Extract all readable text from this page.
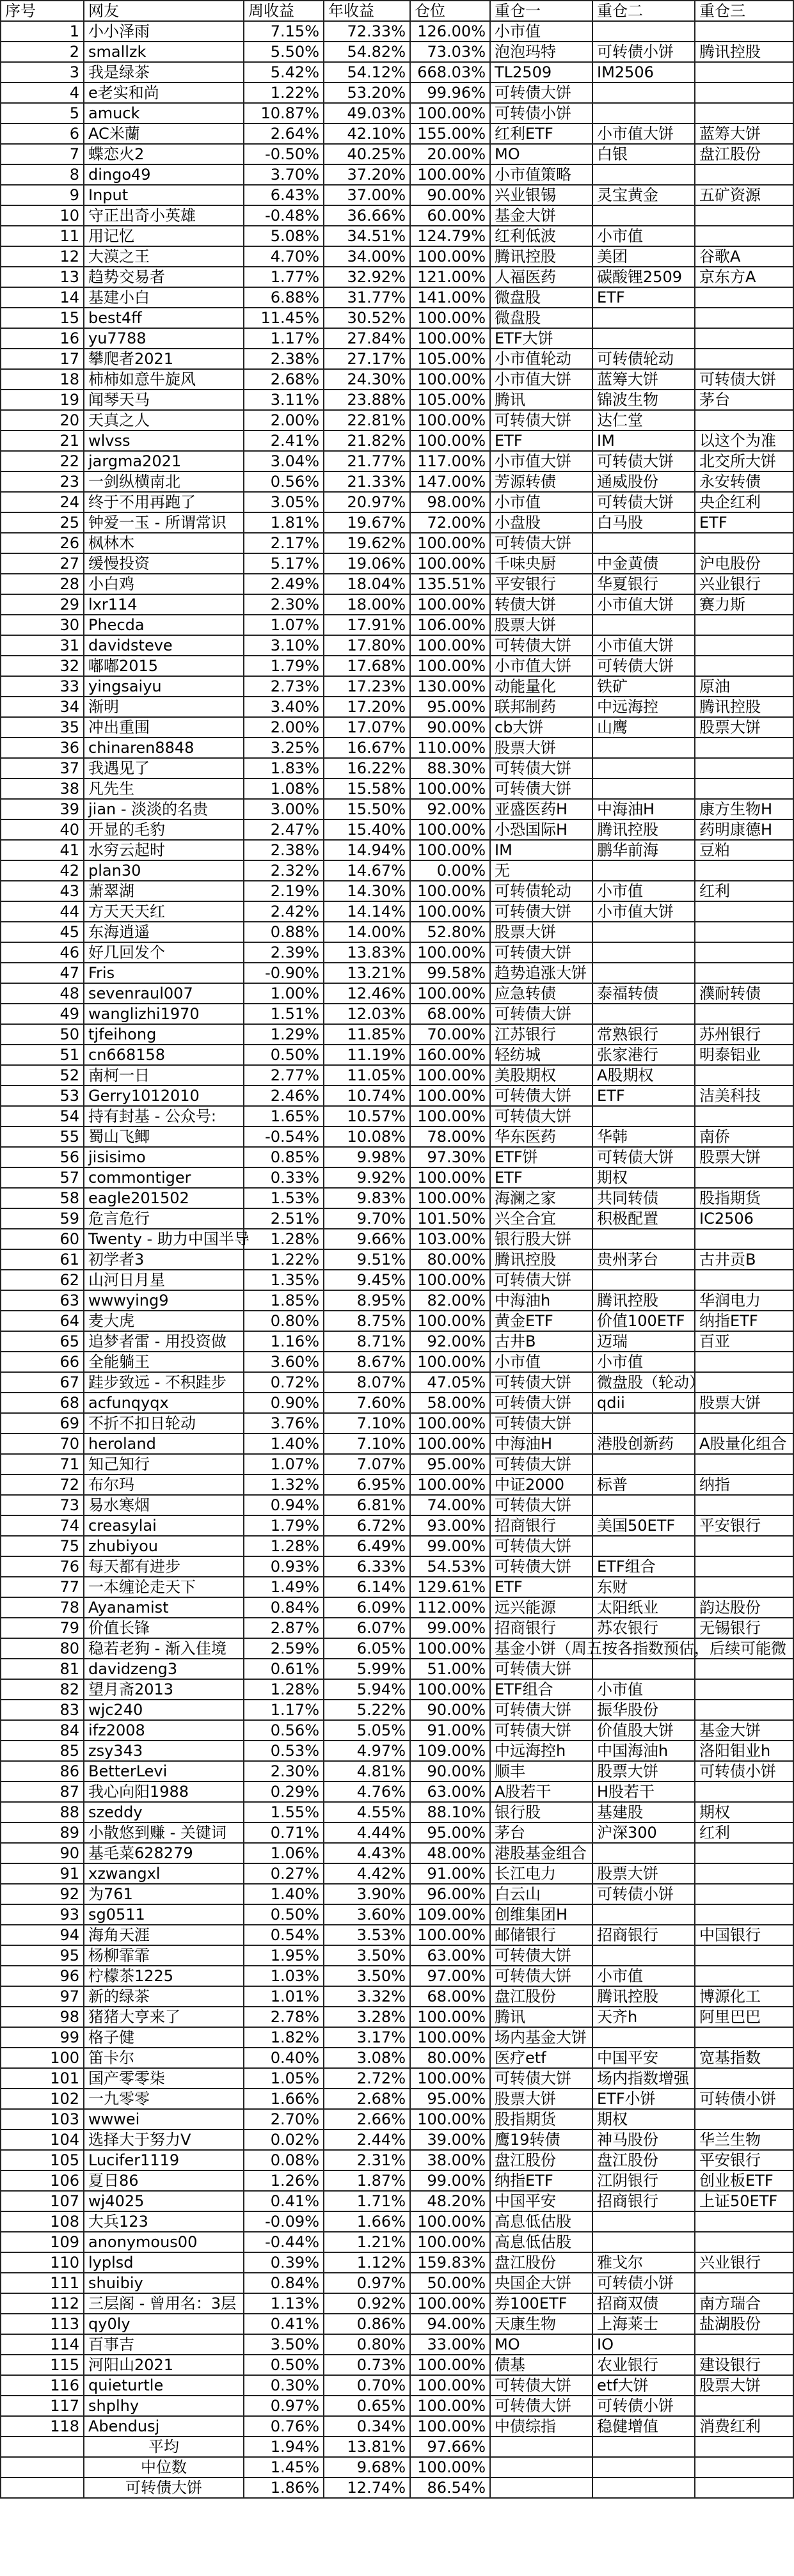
序号	网友	周收益	年收益	仓位	重仓一	重仓二	重仓三
1	小小泽雨	7.15%	72.33%	126.00%	小市值		
2	smallzk	5.50%	54.82%	73.03%	泡泡玛特	可转债小饼	腾讯控股
3	我是绿茶	5.42%	54.12%	668.03%	TL2509	IM2506	
4	e老实和尚	1.22%	53.20%	99.96%	可转债大饼		
5	amuck	10.87%	49.03%	100.00%	可转债小饼		
6	AC米蘭	2.64%	42.10%	155.00%	红利ETF	小市值大饼	蓝筹大饼
7	蝶恋火2	-0.50%	40.25%	20.00%	MO	白银	盘江股份
8	dingo49	3.70%	37.20%	100.00%	小市值策略		
9	Input	6.43%	37.00%	90.00%	兴业银锡	灵宝黄金	五矿资源
10	守正出奇小英雄	-0.48%	36.66%	60.00%	基金大饼		
11	用记忆	5.08%	34.51%	124.79%	红利低波	小市值	
12	大漠之王	4.70%	34.00%	100.00%	腾讯控股	美团	谷歌A
13	趋势交易者	1.77%	32.92%	121.00%	人福医药	碳酸锂2509	京东方A
14	基建小白	6.88%	31.77%	141.00%	微盘股	ETF	
15	best4ff	11.45%	30.52%	100.00%	微盘股		
16	yu7788	1.17%	27.84%	100.00%	ETF大饼		
17	攀爬者2021	2.38%	27.17%	105.00%	小市值轮动	可转债轮动	
18	柿柿如意牛旋风	2.68%	24.30%	100.00%	小市值大饼	蓝筹大饼	可转债大饼
19	闻琴天马	3.11%	23.88%	105.00%	腾讯	锦波生物	茅台
20	天真之人	2.00%	22.81%	100.00%	可转债大饼	达仁堂	
21	wlvss	2.41%	21.82%	100.00%	ETF	IM	以这个为准
22	jargma2021	3.04%	21.77%	117.00%	小市值大饼	可转债大饼	北交所大饼
23	一剑纵横南北	0.56%	21.33%	147.00%	芳源转债	通威股份	永安转债
24	终于不用再跑了	3.05%	20.97%	98.00%	小市值	可转债大饼	央企红利
25	钟爱一玉 - 所谓常识	1.81%	19.67%	72.00%	小盘股	白马股	ETF
26	枫林木	2.17%	19.62%	100.00%	可转债大饼		
27	缓慢投资	5.17%	19.06%	100.00%	千味央厨	中金黄债	沪电股份
28	小白鸡	2.49%	18.04%	135.51%	平安银行	华夏银行	兴业银行
29	lxr114	2.30%	18.00%	100.00%	转债大饼	小市值大饼	赛力斯
30	Phecda	1.07%	17.91%	106.00%	股票大饼		
31	davidsteve	3.10%	17.80%	100.00%	可转债大饼	小市值大饼	
32	嘟嘟2015	1.79%	17.68%	100.00%	小市值大饼	可转债大饼	
33	yingsaiyu	2.73%	17.23%	130.00%	动能量化	铁矿	原油
34	渐明	3.40%	17.20%	95.00%	联邦制药	中远海控	腾讯控股
35	冲出重围	2.00%	17.07%	90.00%	cb大饼	山鹰	股票大饼
36	chinaren8848	3.25%	16.67%	110.00%	股票大饼		
37	我遇见了	1.83%	16.22%	88.30%	可转债大饼		
38	凡先生	1.08%	15.58%	100.00%	可转债大饼		
39	jian - 淡淡的名贵	3.00%	15.50%	92.00%	亚盛医药H	中海油H	康方生物H
40	开显的毛豹	2.47%	15.40%	100.00%	小恐国际H	腾讯控股	药明康德H
41	水穷云起时	2.38%	14.94%	100.00%	IM	鹏华前海	豆粕
42	plan30	2.32%	14.67%	0.00%	无		
43	萧翠湖	2.19%	14.30%	100.00%	可转债轮动	小市值	红利
44	方天天天红	2.42%	14.14%	100.00%	可转债大饼	小市值大饼	
45	东海逍遥	0.88%	14.00%	52.80%	股票大饼		
46	好几回发个	2.39%	13.83%	100.00%	可转债大饼		
47	Fris	-0.90%	13.21%	99.58%	趋势追涨大饼		
48	sevenraul007	1.00%	12.46%	100.00%	应急转债	泰福转债	濮耐转债
49	wanglizhi1970	1.51%	12.03%	68.00%	可转债大饼		
50	tjfeihong	1.29%	11.85%	70.00%	江苏银行	常熟银行	苏州银行
51	cn668158	0.50%	11.19%	160.00%	轻纺城	张家港行	明泰铝业
52	南柯一日	2.77%	11.05%	100.00%	美股期权	A股期权	
53	Gerry1012010	2.46%	10.74%	100.00%	可转债大饼	ETF	洁美科技
54	持有封基 - 公众号:	1.65%	10.57%	100.00%	可转债大饼		
55	蜀山飞鲫	-0.54%	10.08%	78.00%	华东医药	华韩	南侨
56	jisisimo	0.85%	9.98%	97.30%	ETF饼	可转债大饼	股票大饼
57	commontiger	0.33%	9.92%	100.00%	ETF	期权	
58	eagle201502	1.53%	9.83%	100.00%	海澜之家	共同转债	股指期货
59	危言危行	2.51%	9.70%	101.50%	兴全合宜	积极配置	IC2506
60	Twenty - 助力中国半导	1.28%	9.66%	103.00%	银行股大饼		
61	初学者3	1.22%	9.51%	80.00%	腾讯控股	贵州茅台	古井贡B
62	山河日月星	1.35%	9.45%	100.00%	可转债大饼		
63	wwwying9	1.85%	8.95%	82.00%	中海油h	腾讯控股	华润电力
64	麦大虎	0.80%	8.75%	100.00%	黄金ETF	价值100ETF	纳指ETF
65	追梦者雷 - 用投资做	1.16%	8.71%	92.00%	古井B	迈瑞	百亚
66	全能躺王	3.60%	8.67%	100.00%	小市值	小市值	
67	跬步致远 - 不积跬步	0.72%	8.07%	47.05%	可转债大饼	微盘股（轮动）	
68	acfunqyqx	0.90%	7.60%	58.00%	可转债大饼	qdii	股票大饼
69	不折不扣日轮动	3.76%	7.10%	100.00%	可转债大饼		
70	heroland	1.40%	7.10%	100.00%	中海油H	港股创新药	A股量化组合
71	知己知行	1.07%	7.07%	95.00%	可转债大饼		
72	布尔玛	1.32%	6.95%	100.00%	中证2000	标普	纳指
73	易水寒烟	0.94%	6.81%	74.00%	可转债大饼		
74	creasylai	1.79%	6.72%	93.00%	招商银行	美国50ETF	平安银行
75	zhubiyou	1.28%	6.49%	99.00%	可转债大饼		
76	每天都有进步	0.93%	6.33%	54.53%	可转债大饼	ETF组合	
77	一本缠论走天下	1.49%	6.14%	129.61%	ETF	东财	
78	Ayanamist	0.84%	6.09%	112.00%	远兴能源	太阳纸业	韵达股份
79	价值长锋	2.87%	6.07%	99.00%	招商银行	苏农银行	无锡银行
80	稳若老狗 - 渐入佳境	2.59%	6.05%	100.00%	基金小饼（周五按各指数预估，后续可能微		
81	davidzeng3	0.61%	5.99%	51.00%	可转债大饼		
82	望月斋2013	1.28%	5.94%	100.00%	ETF组合	小市值	
83	wjc240	1.17%	5.22%	90.00%	可转债大饼	振华股份	
84	ifz2008	0.56%	5.05%	91.00%	可转债大饼	价值股大饼	基金大饼
85	zsy343	0.53%	4.97%	109.00%	中远海控h	中国海油h	洛阳钼业h
86	BetterLevi	2.30%	4.81%	90.00%	顺丰	股票大饼	可转债小饼
87	我心向阳1988	0.29%	4.76%	63.00%	A股若干	H股若干	
88	szeddy	1.55%	4.55%	88.10%	银行股	基建股	期权
89	小散悠到赚 - 关键词	0.71%	4.44%	95.00%	茅台	沪深300	红利
90	基毛菜628279	1.06%	4.43%	48.00%	港股基金组合		
91	xzwangxl	0.27%	4.42%	91.00%	长江电力	股票大饼	
92	为761	1.40%	3.90%	96.00%	白云山	可转债小饼	
93	sg0511	0.50%	3.60%	109.00%	创维集团H		
94	海角天涯	0.54%	3.53%	100.00%	邮储银行	招商银行	中国银行
95	杨柳霏霏	1.95%	3.50%	63.00%	可转债大饼		
96	柠檬茶1225	1.03%	3.50%	97.00%	可转债大饼	小市值	
97	新的绿茶	1.01%	3.32%	68.00%	盘江股份	腾讯控股	博源化工
98	猪猪大亨来了	2.78%	3.28%	100.00%	腾讯	天齐h	阿里巴巴
99	格子健	1.82%	3.17%	100.00%	场内基金大饼		
100	笛卡尔	0.40%	3.08%	80.00%	医疗etf	中国平安	宽基指数
101	国产零零柒	1.05%	2.72%	100.00%	可转债大饼	场内指数增强	
102	一九零零	1.66%	2.68%	95.00%	股票大饼	ETF小饼	可转债小饼
103	wwwei	2.70%	2.66%	100.00%	股指期货	期权	
104	选择大于努力V	0.02%	2.44%	39.00%	鹰19转债	神马股份	华兰生物
105	Lucifer1119	0.08%	2.31%	38.00%	盘江股份	盘江股份	平安银行
106	夏日86	1.26%	1.87%	99.00%	纳指ETF	江阴银行	创业板ETF
107	wj4025	0.41%	1.71%	48.20%	中国平安	招商银行	上证50ETF
108	大兵123	-0.09%	1.66%	100.00%	高息低估股		
109	anonymous00	-0.44%	1.21%	100.00%	高息低估股		
110	lyplsd	0.39%	1.12%	159.83%	盘江股份	雅戈尔	兴业银行
111	shuibiy	0.84%	0.97%	50.00%	央国企大饼	可转债小饼	
112	三层阁 - 曾用名：3层	1.13%	0.92%	100.00%	券100ETF	招商双债	南方瑞合
113	qy0ly	0.41%	0.86%	94.00%	天康生物	上海莱士	盐湖股份
114	百事吉	3.50%	0.80%	33.00%	MO	IO	
115	河阳山2021	0.50%	0.73%	100.00%	债基	农业银行	建设银行
116	quieturtle	0.30%	0.70%	100.00%	可转债大饼	etf大饼	股票大饼
117	shplhy	0.97%	0.65%	100.00%	可转债大饼	可转债小饼	
118	Abendusj	0.76%	0.34%	100.00%	中债综指	稳健增值	消费红利
	平均	1.94%	13.81%	97.66%			
	中位数	1.45%	9.68%	100.00%			
	可转债大饼	1.86%	12.74%	86.54%			
